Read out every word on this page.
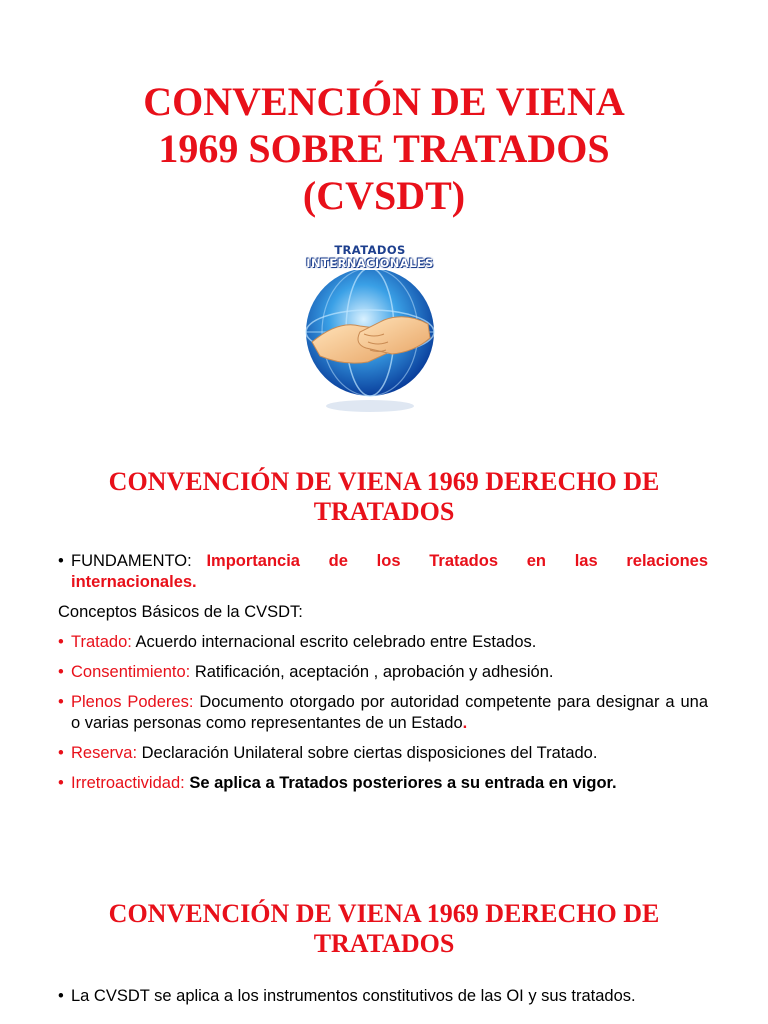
CONVENCIÓN DE VIENA
1969 SOBRE TRATADOS
(CVSDT)
TRATADOS
INTERNACIONALES
CONVENCIÓN DE VIENA 1969 DERECHO DE
TRATADOS
• FUNDAMENTO: Importancia de los Tratados en las relaciones internacionales.
Conceptos Básicos de la CVSDT:
• Tratado: Acuerdo internacional escrito celebrado entre Estados.
• Consentimiento: Ratificación, aceptación , aprobación y adhesión.
• Plenos Poderes: Documento otorgado por autoridad competente para designar a una o varias personas como representantes de un Estado.
• Reserva: Declaración Unilateral sobre ciertas disposiciones del Tratado.
• Irretroactividad: Se aplica a Tratados posteriores a su entrada en vigor.
CONVENCIÓN DE VIENA 1969 DERECHO DE
TRATADOS
• La CVSDT se aplica a los instrumentos constitutivos de las OI y sus tratados.
